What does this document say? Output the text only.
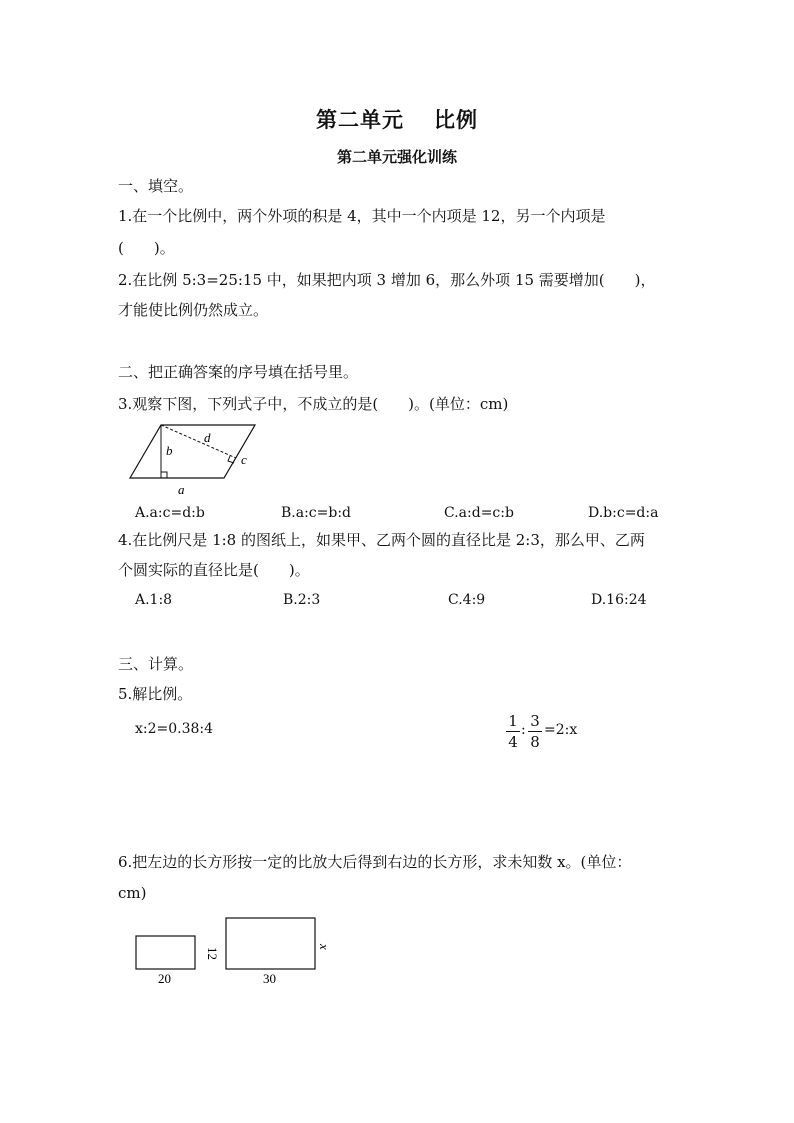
第二单元 比例
第二单元强化训练
一、填空。
1.在一个比例中，两个外项的积是 4，其中一个内项是 12，另一个内项是
(　　)。
2.在比例 5:3=25:15 中，如果把内项 3 增加 6，那么外项 15 需要增加(　　)，
才能使比例仍然成立。
二、把正确答案的序号填在括号里。
3.观察下图，下列式子中，不成立的是(　　)。(单位：cm)
b
d
c
a
A.a:c=d:b	B.a:c=b:d	C.a:d=c:b	D.b:c=d:a
4.在比例尺是 1:8 的图纸上，如果甲、乙两个圆的直径比是 2:3，那么甲、乙两
个圆实际的直径比是(　　)。
A.1:8	B.2:3	C.4:9	D.16:24
三、计算。
5.解比例。
x:2=0.38:4	1
4
: 3
8
=2:x
6.把左边的长方形按一定的比放大后得到右边的长方形，求未知数 x。(单位：
cm)
20
12
30
x
